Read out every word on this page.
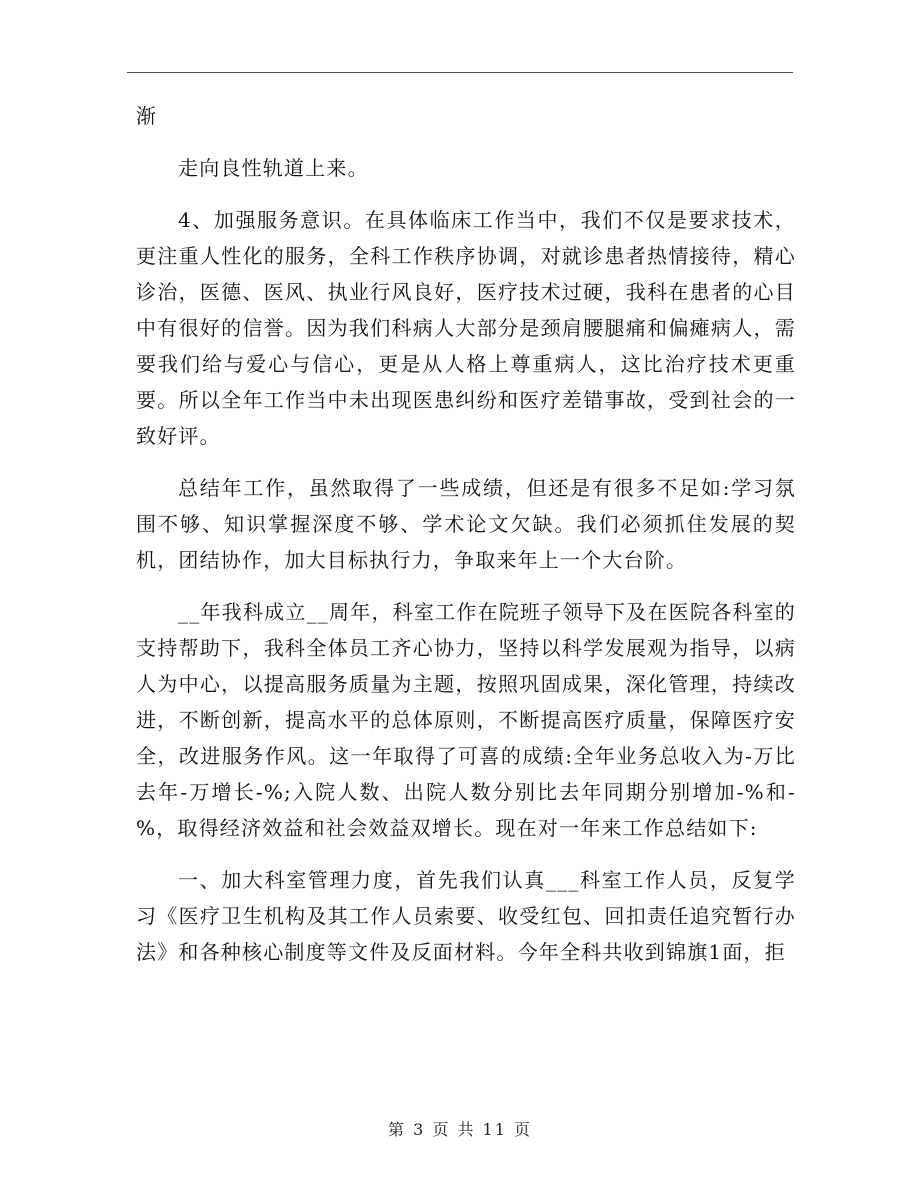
渐

走向良性轨道上来。

4、加强服务意识。在具体临床工作当中，我们不仅是要求技术，更注重人性化的服务，全科工作秩序协调，对就诊患者热情接待，精心诊治，医德、医风、执业行风良好，医疗技术过硬，我科在患者的心目中有很好的信誉。因为我们科病人大部分是颈肩腰腿痛和偏瘫病人，需要我们给与爱心与信心，更是从人格上尊重病人，这比治疗技术更重要。所以全年工作当中未出现医患纠纷和医疗差错事故，受到社会的一致好评。

总结年工作，虽然取得了一些成绩，但还是有很多不足如:学习氛围不够、知识掌握深度不够、学术论文欠缺。我们必须抓住发展的契机，团结协作，加大目标执行力，争取来年上一个大台阶。

__年我科成立__周年，科室工作在院班子领导下及在医院各科室的支持帮助下，我科全体员工齐心协力，坚持以科学发展观为指导，以病人为中心，以提高服务质量为主题，按照巩固成果，深化管理，持续改进，不断创新，提高水平的总体原则，不断提高医疗质量，保障医疗安全，改进服务作风。这一年取得了可喜的成绩:全年业务总收入为-万比去年-万增长-%;入院人数、出院人数分别比去年同期分别增加-%和-%，取得经济效益和社会效益双增长。现在对一年来工作总结如下:

一、加大科室管理力度，首先我们认真___科室工作人员，反复学习《医疗卫生机构及其工作人员索要、收受红包、回扣责任追究暂行办法》和各种核心制度等文件及反面材料。今年全科共收到锦旗1面，拒

第 3 页 共 11 页
